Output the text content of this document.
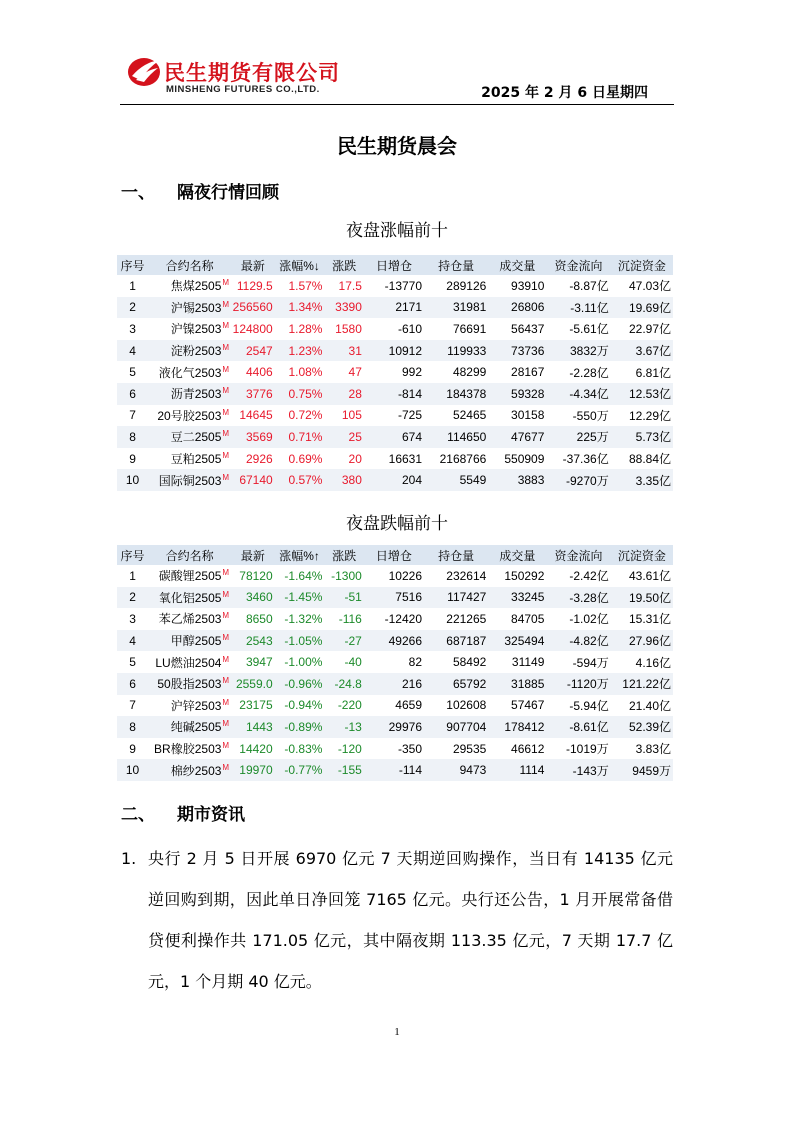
民生期货有限公司
MINSHENG FUTURES CO.,LTD.	2025 年 2 月 6 日星期四
民生期货晨会
一、 隔夜行情回顾
夜盘涨幅前十
序号	合约名称	最新	涨幅%↓	涨跌	日增仓	持仓量	成交量	资金流向	沉淀资金
1	焦煤$2505^M$	1129.5	1.57%	17.5	-13770	289126	93910	-8.87亿	47.03亿
2	沪锡$2503^M$	256560	1.34%	3390	2171	31981	26806	-3.11亿	19.69亿
3	沪镍$2503^M$	124800	1.28%	1580	-610	76691	56437	-5.61亿	22.97亿
4	淀粉$2503^M$	2547	1.23%	31	10912	119933	73736	3832万	3.67亿
5	液化气$2503^M$	4406	1.08%	47	992	48299	28167	-2.28亿	6.81亿
6	沥青$2503^M$	3776	0.75%	28	-814	184378	59328	-4.34亿	12.53亿
7	20号胶$2503^M$	14645	0.72%	105	-725	52465	30158	-550万	12.29亿
8	豆二$2505^M$	3569	0.71%	25	674	114650	47677	225万	5.73亿
9	豆粕$2505^M$	2926	0.69%	20	16631	2168766	550909	-37.36亿	88.84亿
10	国际铜$2503^M$	67140	0.57%	380	204	5549	3883	-9270万	3.35亿
夜盘跌幅前十
序号	合约名称	最新	涨幅%↑	涨跌	日增仓	持仓量	成交量	资金流向	沉淀资金
1	碳酸锂$2505^M$	78120	-1.64%	-1300	10226	232614	150292	-2.42亿	43.61亿
2	氧化铝$2505^M$	3460	-1.45%	-51	7516	117427	33245	-3.28亿	19.50亿
3	苯乙烯$2503^M$	8650	-1.32%	-116	-12420	221265	84705	-1.02亿	15.31亿
4	甲醇$2505^M$	2543	-1.05%	-27	49266	687187	325494	-4.82亿	27.96亿
5	LU燃油$2504^M$	3947	-1.00%	-40	82	58492	31149	-594万	4.16亿
6	50股指$2503^M$	2559.0	-0.96%	-24.8	216	65792	31885	-1120万	121.22亿
7	沪锌$2503^M$	23175	-0.94%	-220	4659	102608	57467	-5.94亿	21.40亿
8	纯碱$2505^M$	1443	-0.89%	-13	29976	907704	178412	-8.61亿	52.39亿
9	BR橡胶$2503^M$	14420	-0.83%	-120	-350	29535	46612	-1019万	3.83亿
10	棉纱$2503^M$	19970	-0.77%	-155	-114	9473	1114	-143万	9459万
二、 期市资讯
1. 央行 2 月 5 日开展 6970 亿元 7 天期逆回购操作，当日有 14135 亿元逆回购到期，因此单日净回笼 7165 亿元。央行还公告，1 月开展常备借贷便利操作共 171.05 亿元，其中隔夜期 113.35 亿元，7 天期 17.7 亿元，1 个月期 40 亿元。
1
